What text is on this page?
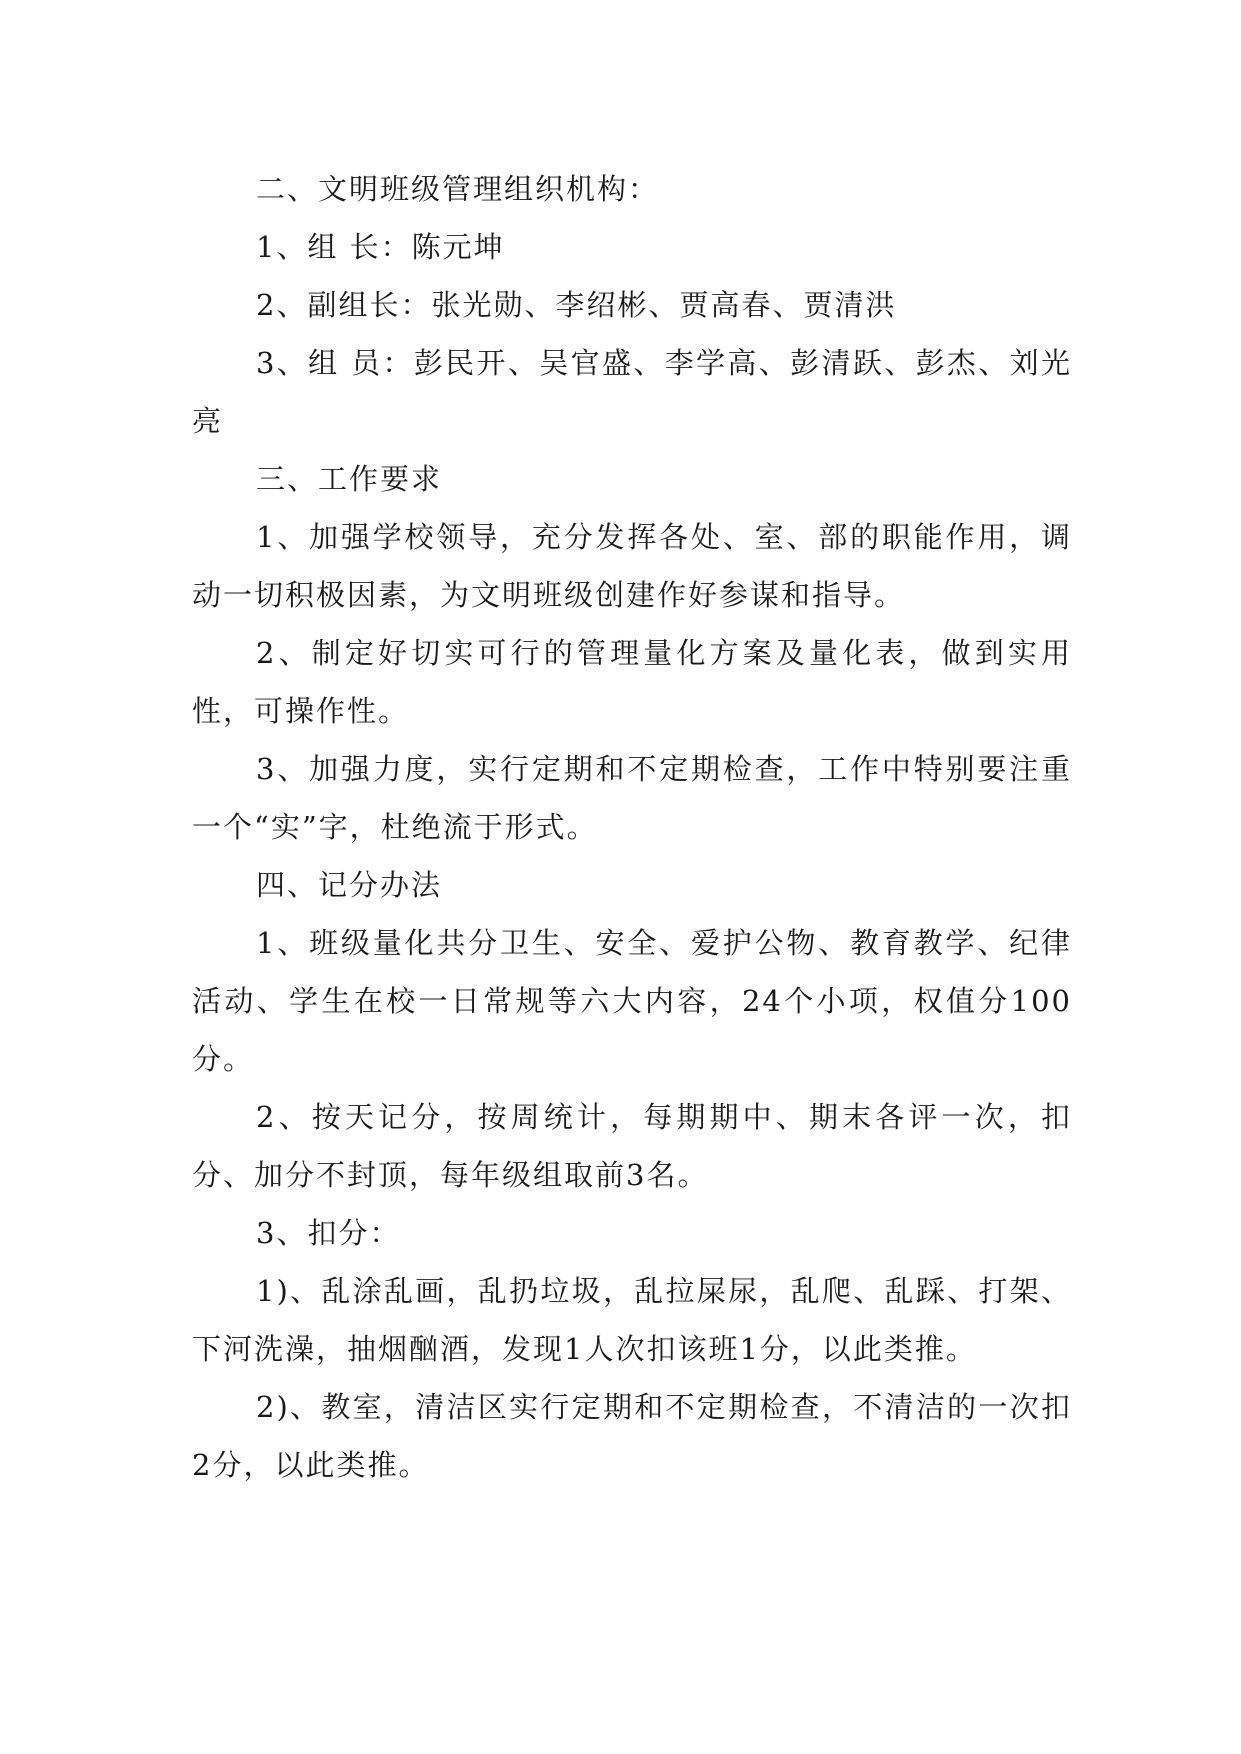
二、文明班级管理组织机构：

1、组 长：陈元坤

2、副组长：张光勋、李绍彬、贾高春、贾清洪

3、组 员：彭民开、吴官盛、李学高、彭清跃、彭杰、刘光亮

三、工作要求

1、加强学校领导，充分发挥各处、室、部的职能作用，调动一切积极因素，为文明班级创建作好参谋和指导。

2、制定好切实可行的管理量化方案及量化表，做到实用性，可操作性。

3、加强力度，实行定期和不定期检查，工作中特别要注重一个“实”字，杜绝流于形式。

四、记分办法

1、班级量化共分卫生、安全、爱护公物、教育教学、纪律活动、学生在校一日常规等六大内容，24个小项，权值分100分。

2、按天记分，按周统计，每期期中、期末各评一次，扣分、加分不封顶，每年级组取前3名。

3、扣分：

1)、乱涂乱画，乱扔垃圾，乱拉屎尿，乱爬、乱踩、打架、下河洗澡，抽烟酗酒，发现1人次扣该班1分，以此类推。

2)、教室，清洁区实行定期和不定期检查，不清洁的一次扣2分，以此类推。
